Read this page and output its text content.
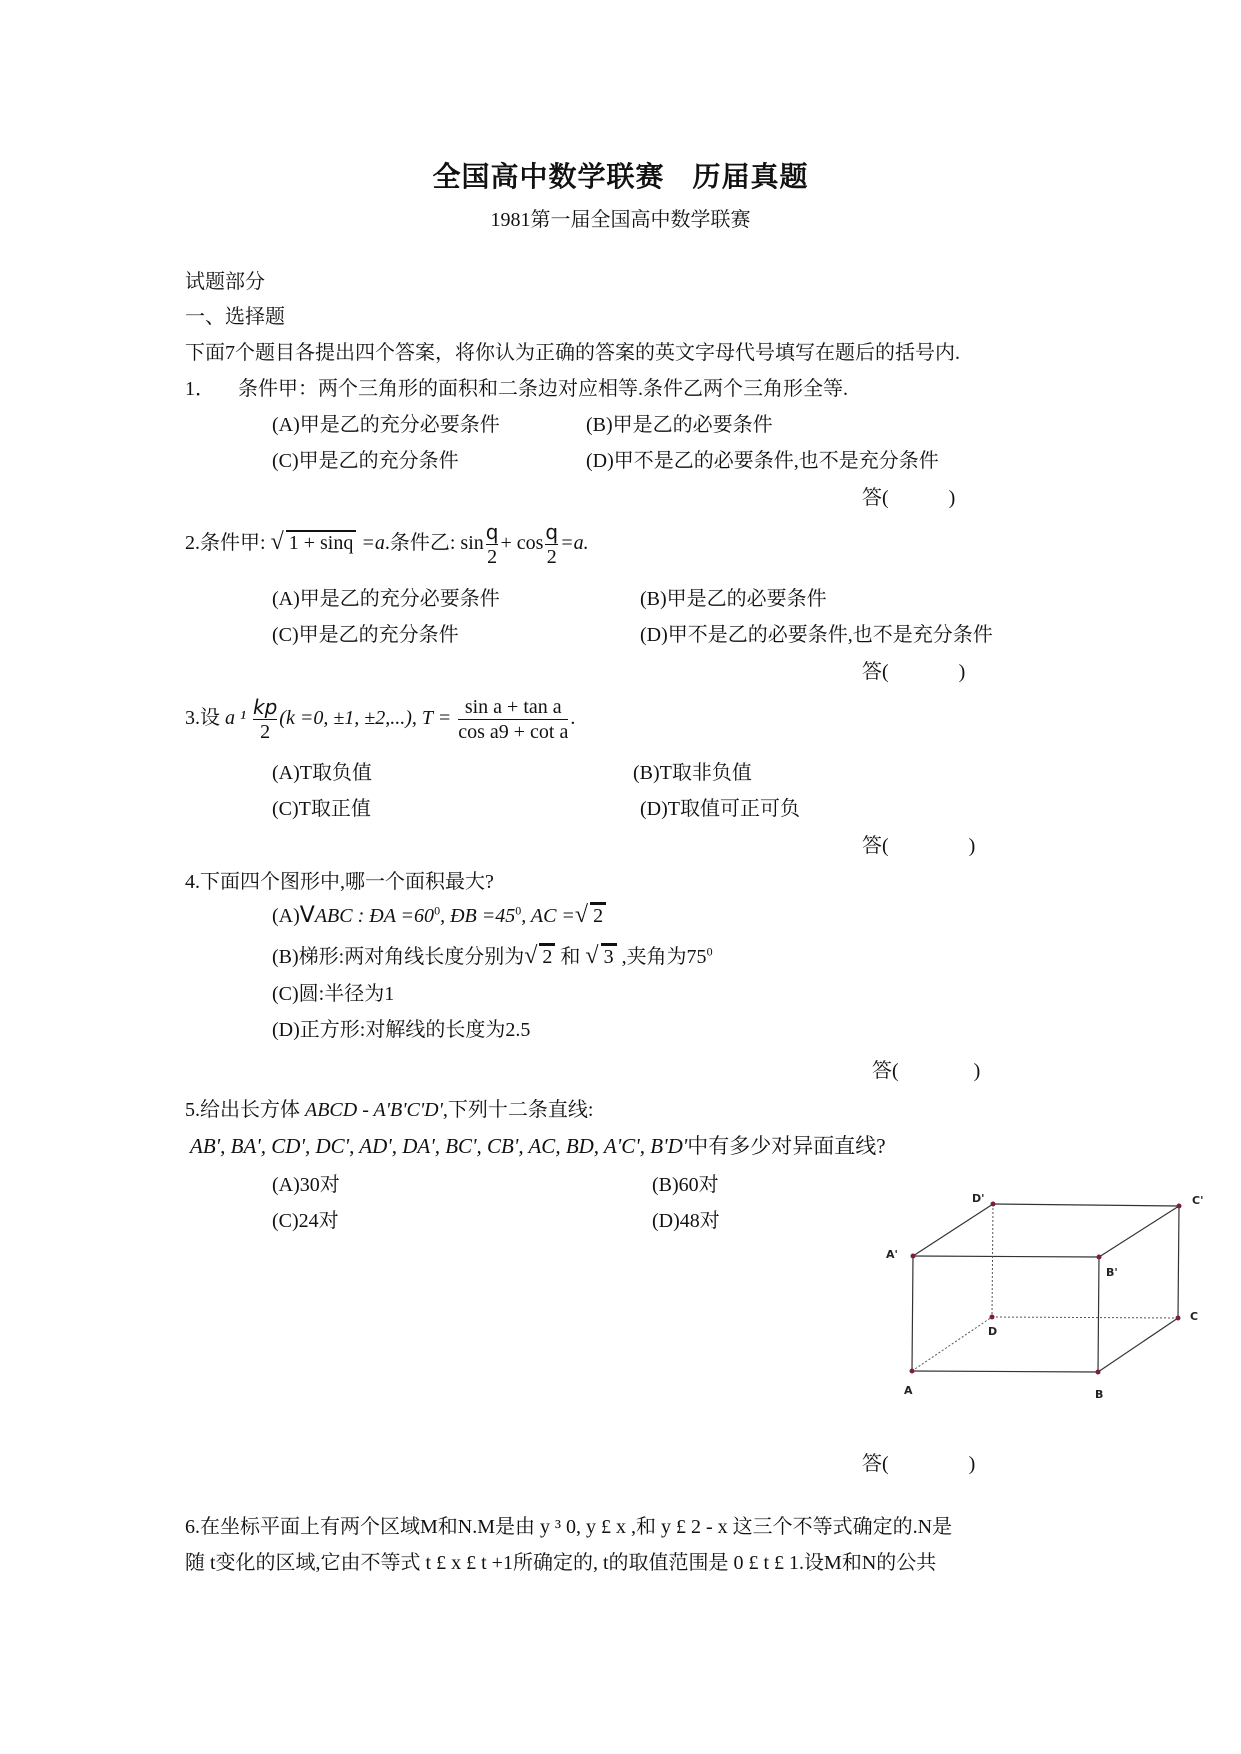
全国高中数学联赛 历届真题
1981第一届全国高中数学联赛
试题部分
一、选择题
下面7个题目各提出四个答案，将你认为正确的答案的英文字母代号填写在题后的括号内.
1． 条件甲：两个三角形的面积和二条边对应相等.条件乙两个三角形全等.
(A)甲是乙的充分必要条件	(B)甲是乙的必要条件
(C)甲是乙的充分条件	(D)甲不是乙的必要条件,也不是充分条件
答(	)
2.条件甲: √ 1 + sinq =a.条件乙: $\sin \frac{q}{2} + \cos \frac{q}{2} =a$.
(A)甲是乙的充分必要条件	(B)甲是乙的必要条件
(C)甲是乙的充分条件	(D)甲不是乙的必要条件,也不是充分条件
答(	)
3.设 a $^1 \frac{kp}{2} (k =0$, ±1, ±2,...), $T = \frac{\text{sin a + tan a}}{\text{cos a9 + cot a}}$ .
(A)T取负值	(B)T取非负值
(C)T取正值	(D)T取值可正可负
答(	)
4.下面四个图形中,哪一个面积最大?
(A)VABC : ÐA $=60^0$, ÐB $=45^0$, AC =√ 2
(B)梯形:两对角线长度分别为√ 2 和 √ 3 ,夹角为$75^0$
(C)圆:半径为1
(D)正方形:对解线的长度为2.5
答(	)
5.给出长方体 ABCD - A'B'C'D',下列十二条直线:
AB', BA', CD', DC', AD', DA', BC', CB', AC, BD, A'C', B'D'中有多少对异面直线?
(A)30对	(B)60对
(C)24对	(D)48对
D'	C'
A'
B'
D
C
A	B
答(	)
6.在坐标平面上有两个区域M和N.M是由 y ³ 0, y £ x ,和 y £ 2 - x 这三个不等式确定的.N是
随 t变化的区域,它由不等式 t £ x £ t +1所确定的, t的取值范围是 0 £ t £ 1.设M和N的公共
